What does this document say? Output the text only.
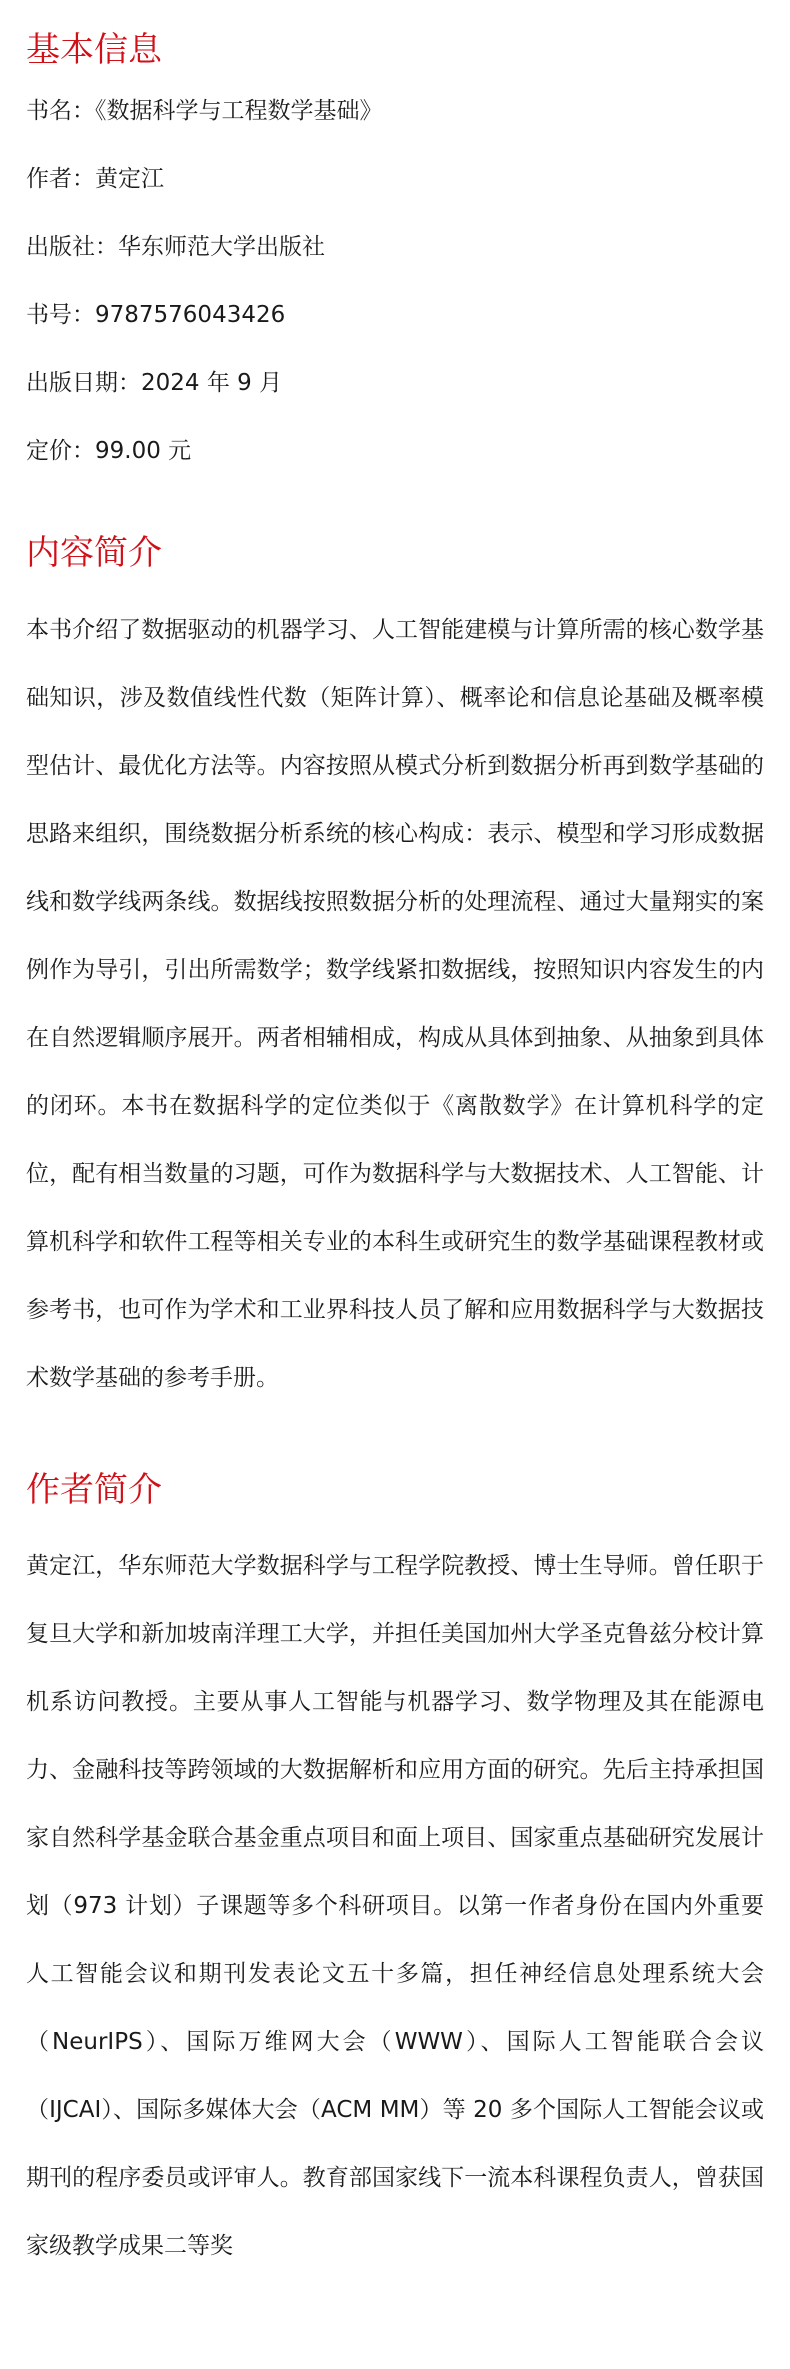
基本信息
书名：《数据科学与工程数学基础》
作者：黄定江
出版社：华东师范大学出版社
书号：9787576043426
出版日期：2024 年 9 月
定价：99.00 元
内容简介

本书介绍了数据驱动的机器学习、人工智能建模与计算所需的核心数学基础知识，涉及数值线性代数（矩阵计算）、概率论和信息论基础及概率模型估计、最优化方法等。内容按照从模式分析到数据分析再到数学基础的思路来组织，围绕数据分析系统的核心构成：表示、模型和学习形成数据线和数学线两条线。数据线按照数据分析的处理流程、通过大量翔实的案例作为导引，引出所需数学；数学线紧扣数据线，按照知识内容发生的内在自然逻辑顺序展开。两者相辅相成，构成从具体到抽象、从抽象到具体的闭环。本书在数据科学的定位类似于《离散数学》在计算机科学的定位，配有相当数量的习题，可作为数据科学与大数据技术、人工智能、计算机科学和软件工程等相关专业的本科生或研究生的数学基础课程教材或参考书，也可作为学术和工业界科技人员了解和应用数据科学与大数据技术数学基础的参考手册。

作者简介

黄定江，华东师范大学数据科学与工程学院教授、博士生导师。曾任职于复旦大学和新加坡南洋理工大学，并担任美国加州大学圣克鲁兹分校计算机系访问教授。主要从事人工智能与机器学习、数学物理及其在能源电力、金融科技等跨领域的大数据解析和应用方面的研究。先后主持承担国家自然科学基金联合基金重点项目和面上项目、国家重点基础研究发展计划（973 计划）子课题等多个科研项目。以第一作者身份在国内外重要人工智能会议和期刊发表论文五十多篇，担任神经信息处理系统大会（NeurIPS）、国际万维网大会（WWW）、国际人工智能联合会议（IJCAI）、国际多媒体大会（ACM MM）等 20 多个国际人工智能会议或期刊的程序委员或评审人。教育部国家线下一流本科课程负责人，曾获国家级教学成果二等奖
